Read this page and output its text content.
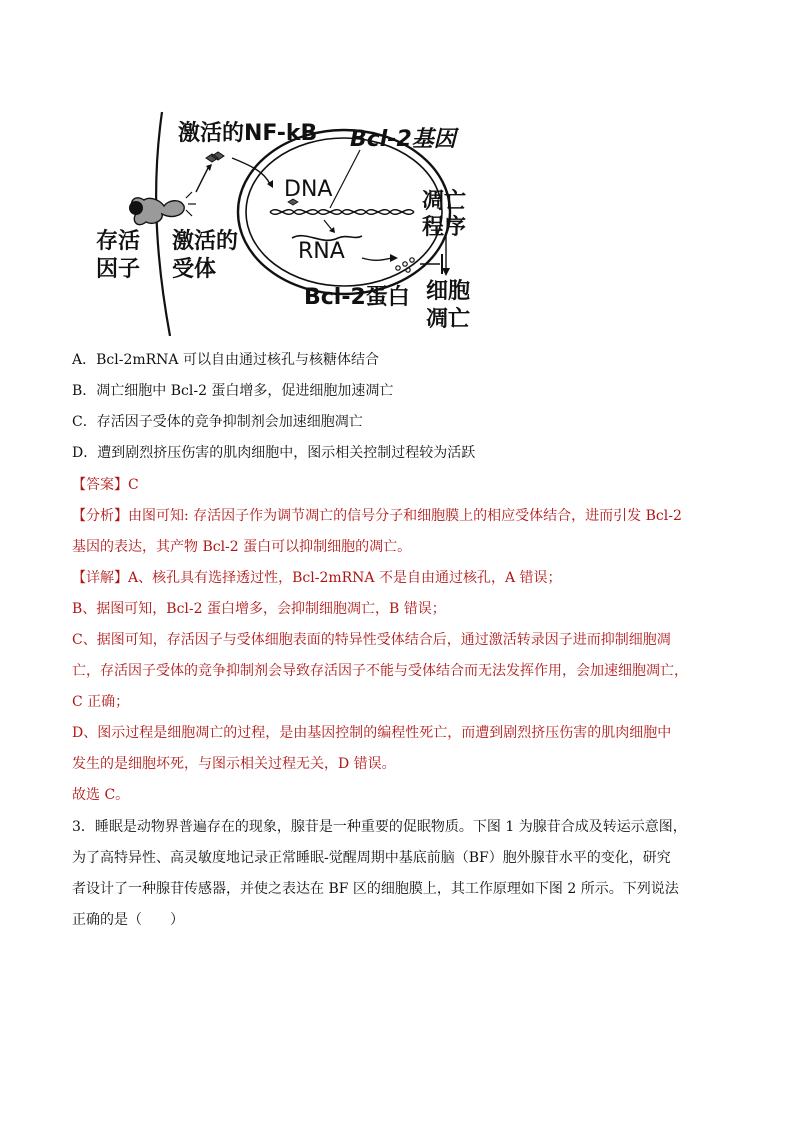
激活的NF-kB Bcl-2基因
DNA
RNA
凋亡
程序
存活
因子
激活的
受体
Bcl-2蛋白 细胞
凋亡
A．Bcl-2mRNA 可以自由通过核孔与核糖体结合
B．凋亡细胞中 Bcl-2 蛋白增多，促进细胞加速凋亡
C．存活因子受体的竞争抑制剂会加速细胞凋亡
D．遭到剧烈挤压伤害的肌肉细胞中，图示相关控制过程较为活跃
【答案】C
【分析】由图可知: 存活因子作为调节凋亡的信号分子和细胞膜上的相应受体结合，进而引发 Bcl-2
基因的表达，其产物 Bcl-2 蛋白可以抑制细胞的凋亡。
【详解】A、核孔具有选择透过性，Bcl-2mRNA 不是自由通过核孔，A 错误；
B、据图可知，Bcl-2 蛋白增多，会抑制细胞凋亡，B 错误；
C、据图可知，存活因子与受体细胞表面的特异性受体结合后，通过激活转录因子进而抑制细胞凋
亡，存活因子受体的竞争抑制剂会导致存活因子不能与受体结合而无法发挥作用，会加速细胞凋亡，
C 正确；
D、图示过程是细胞凋亡的过程，是由基因控制的编程性死亡，而遭到剧烈挤压伤害的肌肉细胞中
发生的是细胞坏死，与图示相关过程无关，D 错误。
故选 C。
3．睡眠是动物界普遍存在的现象，腺苷是一种重要的促眠物质。下图 1 为腺苷合成及转运示意图，
为了高特异性、高灵敏度地记录正常睡眠-觉醒周期中基底前脑（BF）胞外腺苷水平的变化，研究
者设计了一种腺苷传感器，并使之表达在 BF 区的细胞膜上，其工作原理如下图 2 所示。下列说法
正确的是（　　）
